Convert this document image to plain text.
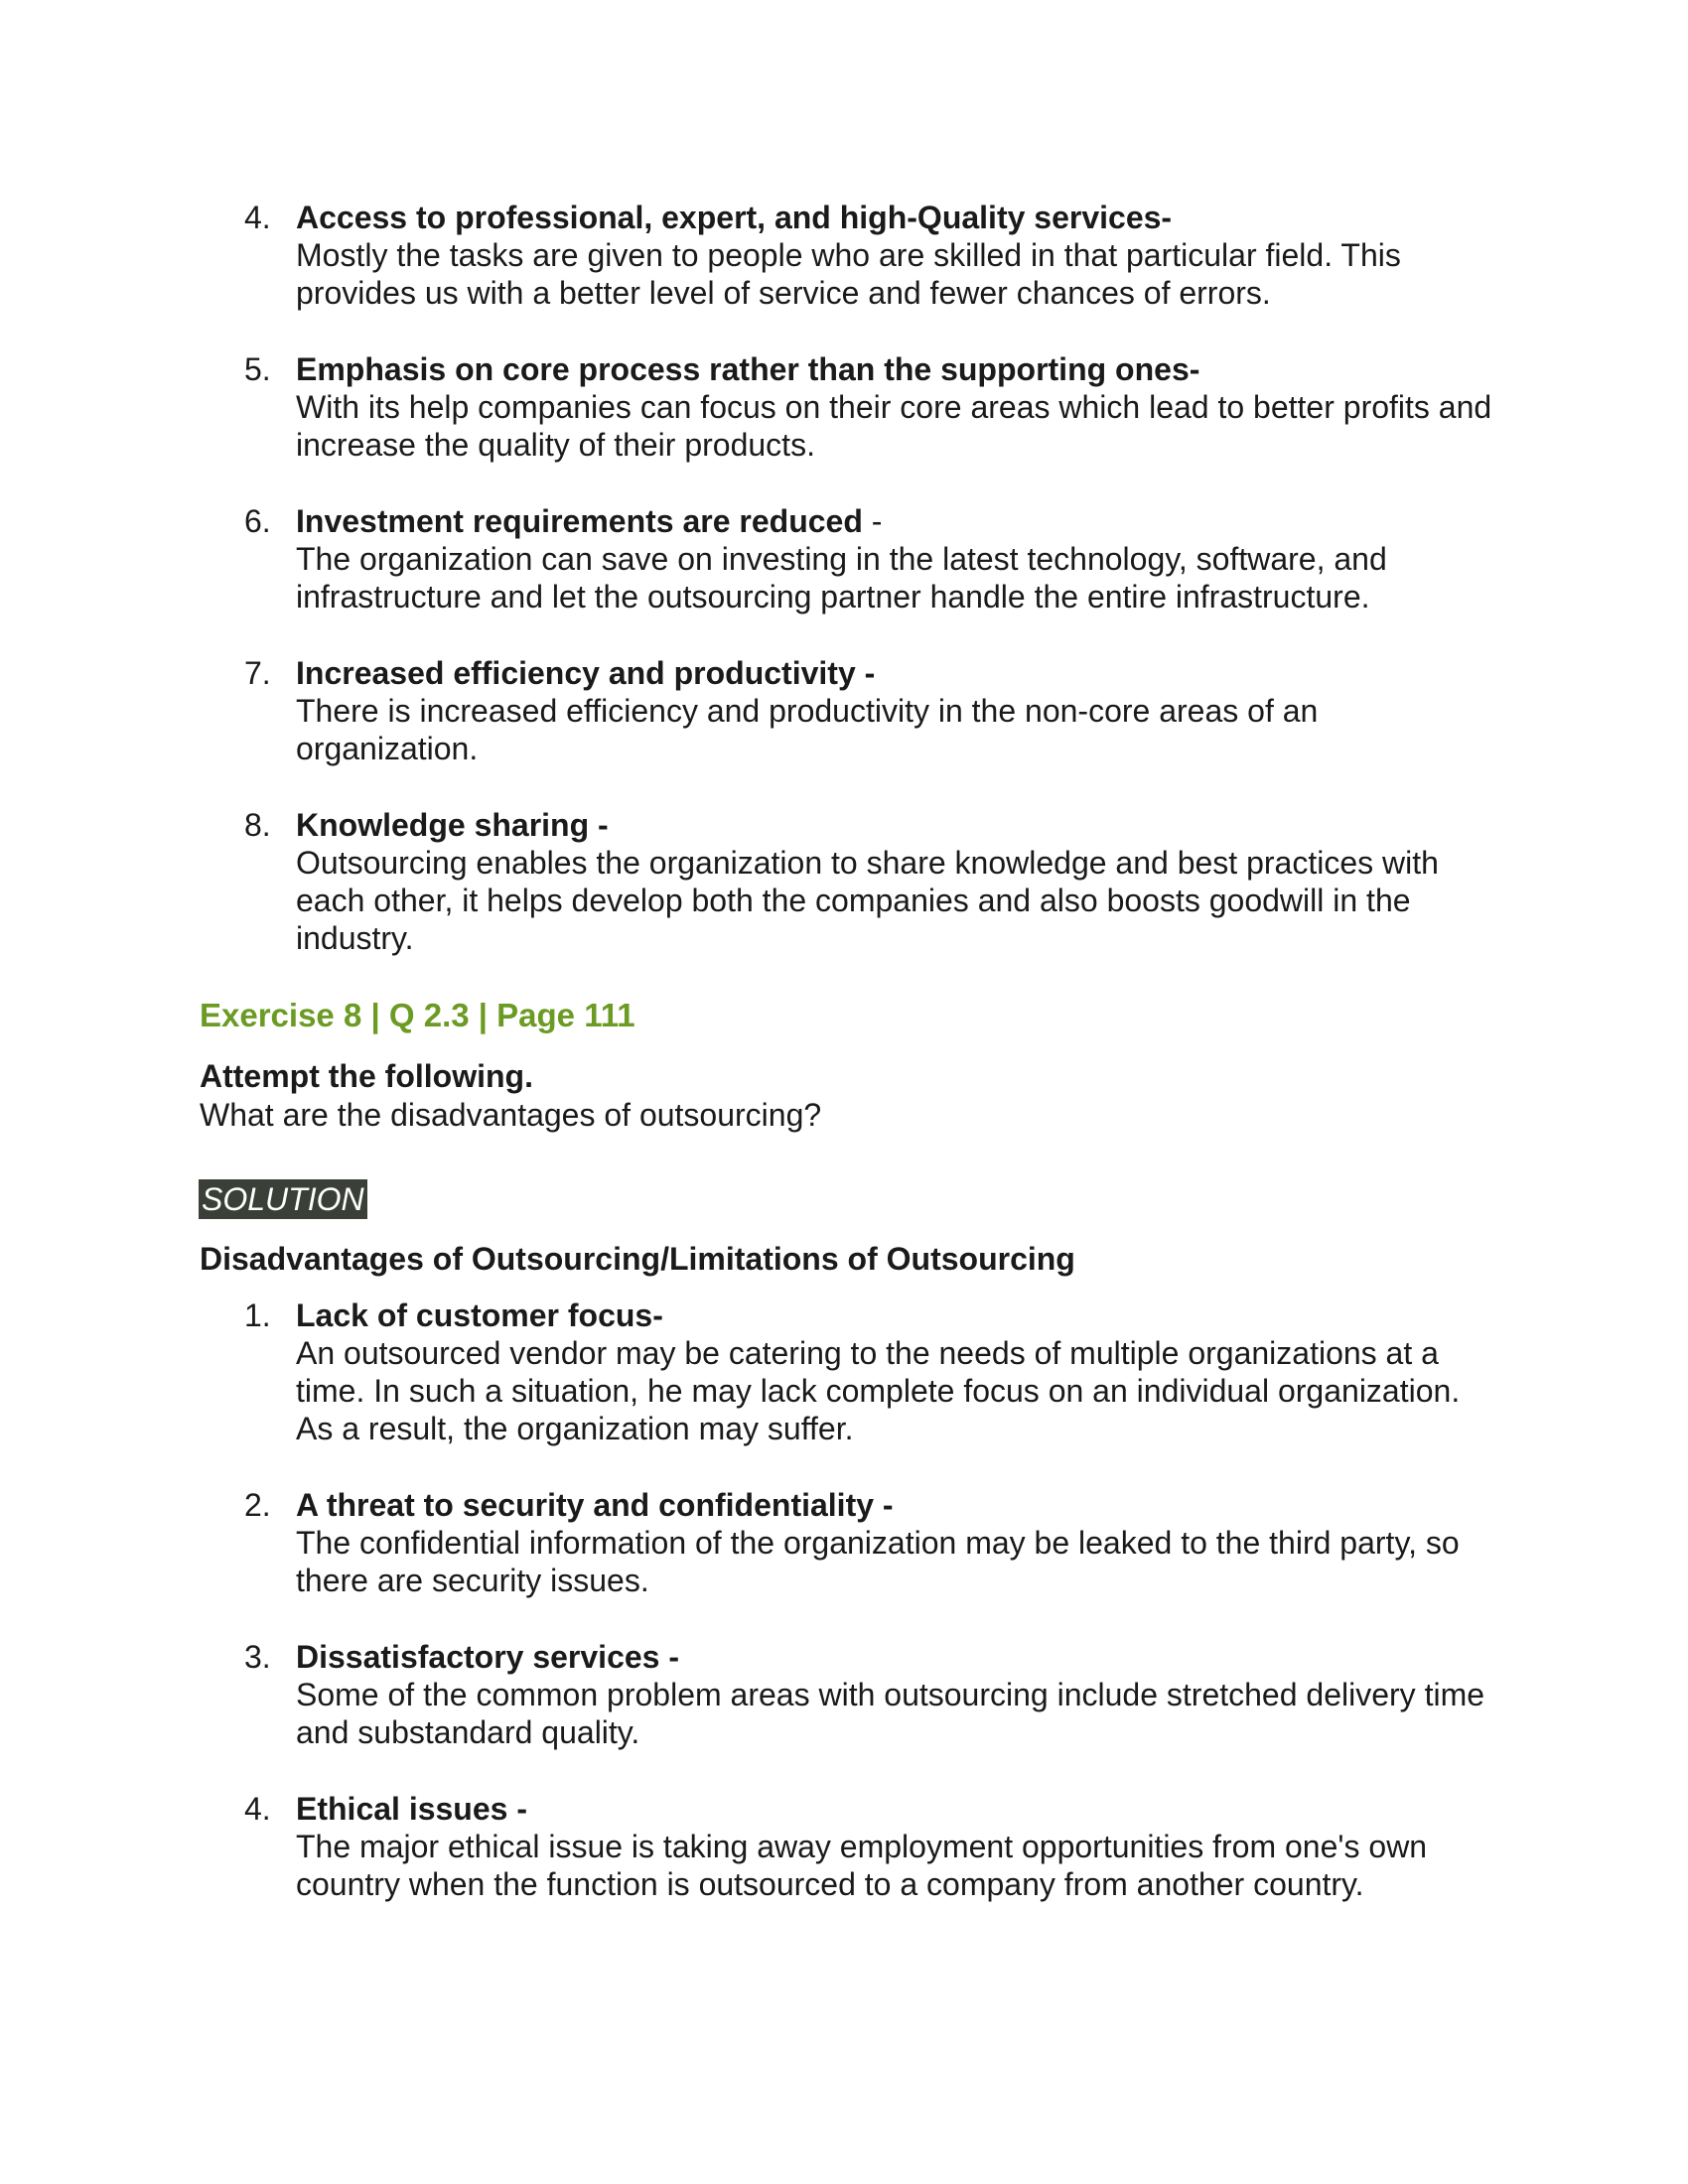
4. Access to professional, expert, and high-Quality services-
Mostly the tasks are given to people who are skilled in that particular field. This provides us with a better level of service and fewer chances of errors.
5. Emphasis on core process rather than the supporting ones-
With its help companies can focus on their core areas which lead to better profits and increase the quality of their products.
6. Investment requirements are reduced -
The organization can save on investing in the latest technology, software, and infrastructure and let the outsourcing partner handle the entire infrastructure.
7. Increased efficiency and productivity -
There is increased efficiency and productivity in the non-core areas of an organization.
8. Knowledge sharing -
Outsourcing enables the organization to share knowledge and best practices with each other, it helps develop both the companies and also boosts goodwill in the industry.
Exercise 8 | Q 2.3 | Page 111
Attempt the following.
What are the disadvantages of outsourcing?
SOLUTION
Disadvantages of Outsourcing/Limitations of Outsourcing
1. Lack of customer focus-
An outsourced vendor may be catering to the needs of multiple organizations at a time. In such a situation, he may lack complete focus on an individual organization. As a result, the organization may suffer.
2. A threat to security and confidentiality -
The confidential information of the organization may be leaked to the third party, so there are security issues.
3. Dissatisfactory services -
Some of the common problem areas with outsourcing include stretched delivery time and substandard quality.
4. Ethical issues -
The major ethical issue is taking away employment opportunities from one's own country when the function is outsourced to a company from another country.
